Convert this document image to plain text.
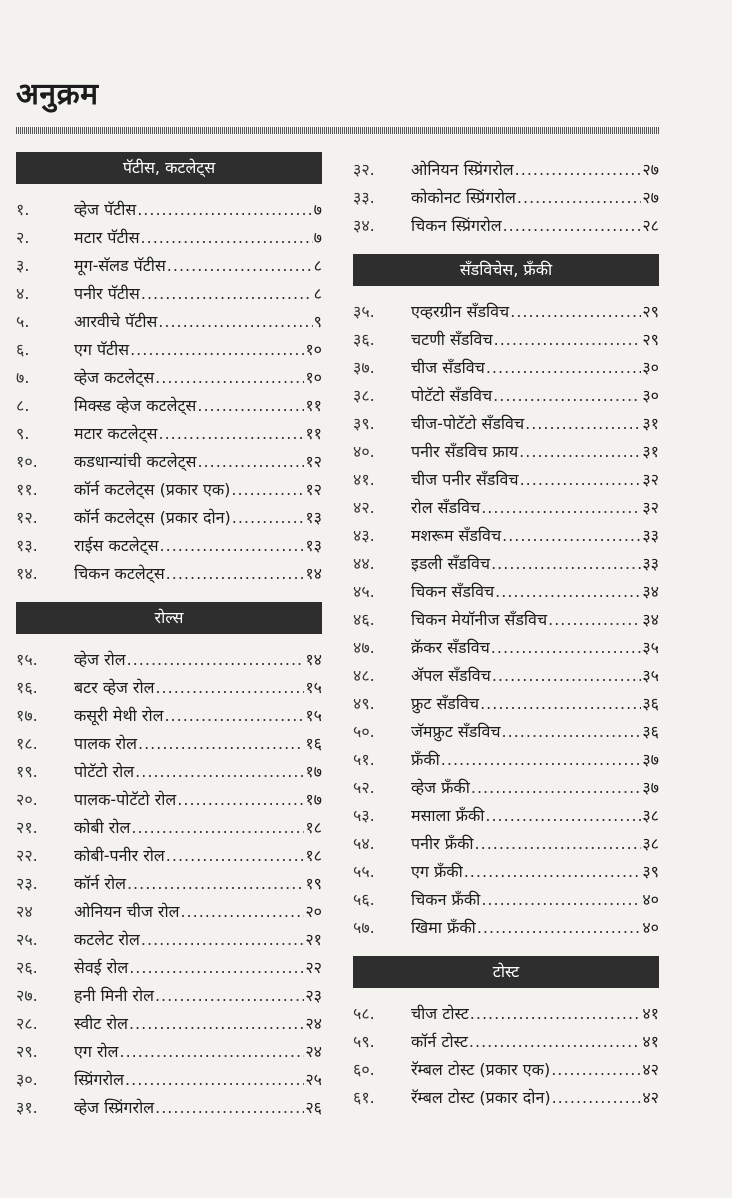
अनुक्रम
पॅटीस, कटलेट्स
१.	व्हेज पॅटीस .....	७
२.	मटार पॅटीस .....	७
३.	मूग-सॅलड पॅटीस .....	८
४.	पनीर पॅटीस .....	८
५.	आरवीचे पॅटीस .....	९
६.	एग पॅटीस .....	१०
७.	व्हेज कटलेट्स .....	१०
८.	मिक्स्ड व्हेज कटलेट्स .....	११
९.	मटार कटलेट्स .....	११
१०.	कडधान्यांची कटलेट्स .....	१२
११.	कॉर्न कटलेट्स (प्रकार एक) .....	१२
१२.	कॉर्न कटलेट्स (प्रकार दोन) .....	१३
१३.	राईस कटलेट्स .....	१३
१४.	चिकन कटलेट्स .....	१४
रोल्स
१५.	व्हेज रोल .....	१४
१६.	बटर व्हेज रोल .....	१५
१७.	कसूरी मेथी रोल .....	१५
१८.	पालक रोल .....	१६
१९.	पोटॅटो रोल .....	१७
२०.	पालक-पोटॅटो रोल .....	१७
२१.	कोबी रोल .....	१८
२२.	कोबी-पनीर रोल .....	१८
२३.	कॉर्न रोल .....	१९
२४	ओनियन चीज रोल .....	२०
२५.	कटलेट रोल .....	२१
२६.	सेवई रोल .....	२२
२७.	हनी मिनी रोल .....	२३
२८.	स्वीट रोल .....	२४
२९.	एग रोल .....	२४
३०.	स्प्रिंगरोल .....	२५
३१.	व्हेज स्प्रिंगरोल .....	२६
३२.	ओनियन स्प्रिंगरोल .....	२७
३३.	कोकोनट स्प्रिंगरोल .....	२७
३४.	चिकन स्प्रिंगरोल .....	२८
सँडविचेस, फ्रँकी
३५.	एव्हरग्रीन सँडविच .....	२९
३६.	चटणी सँडविच .....	२९
३७.	चीज सँडविच .....	३०
३८.	पोटॅटो सँडविच .....	३०
३९.	चीज-पोटॅटो सँडविच .....	३१
४०.	पनीर सँडविच फ्राय .....	३१
४१.	चीज पनीर सँडविच .....	३२
४२.	रोल सँडविच .....	३२
४३.	मशरूम सँडविच .....	३३
४४.	इडली सँडविच .....	३३
४५.	चिकन सँडविच .....	३४
४६.	चिकन मेयॉनीज सँडविच .....	३४
४७.	क्रॅकर सँडविच .....	३५
४८.	ॲपल सँडविच .....	३५
४९.	फ्रुट सँडविच .....	३६
५०.	जॅमफ्रुट सँडविच .....	३६
५१.	फ्रँकी .....	३७
५२.	व्हेज फ्रँकी .....	३७
५३.	मसाला फ्रँकी .....	३८
५४.	पनीर फ्रँकी .....	३८
५५.	एग फ्रँकी .....	३९
५६.	चिकन फ्रँकी .....	४०
५७.	खिमा फ्रँकी .....	४०
टोस्ट
५८.	चीज टोस्ट .....	४१
५९.	कॉर्न टोस्ट .....	४१
६०.	रॅम्बल टोस्ट (प्रकार एक) .....	४२
६१.	रॅम्बल टोस्ट (प्रकार दोन) .....	४२
